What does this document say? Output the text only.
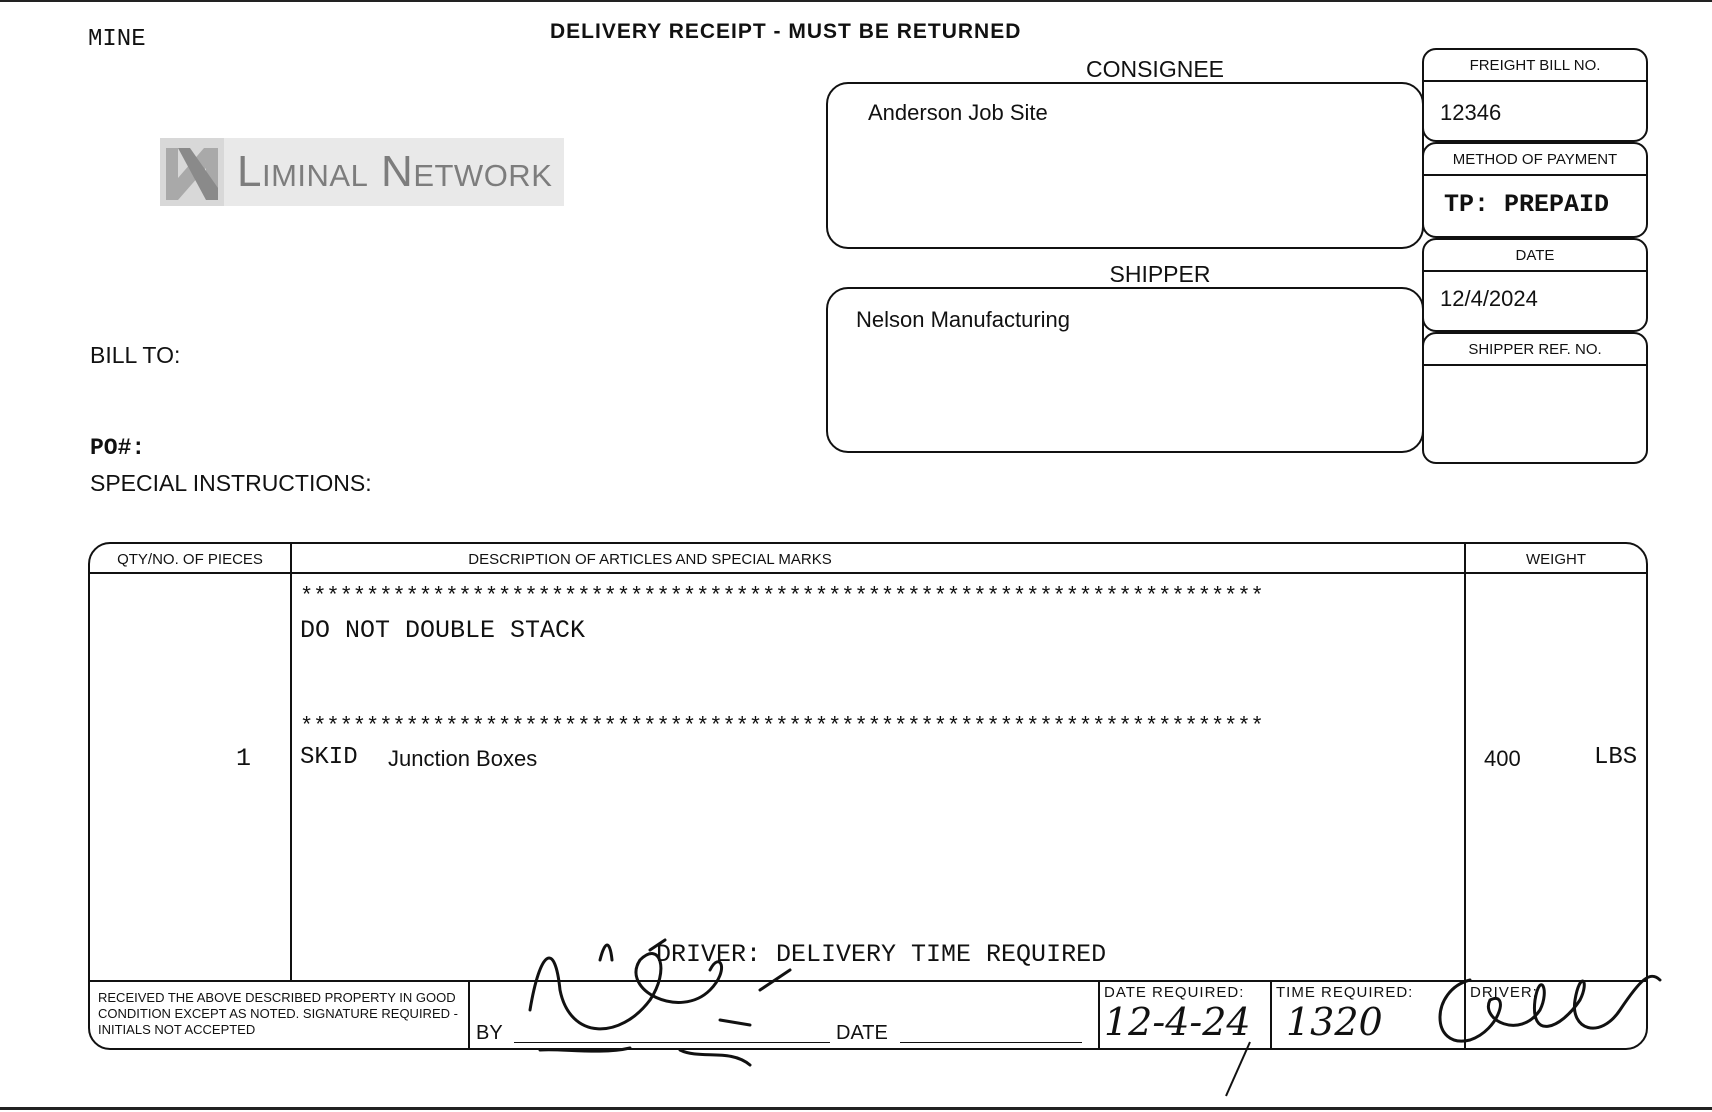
MINE	DELIVERY RECEIPT - MUST BE RETURNED
Liminal Network
BILL TO:
PO#:
SPECIAL INSTRUCTIONS:
CONSIGNEE
Anderson Job Site
SHIPPER
Nelson Manufacturing
FREIGHT BILL NO.
12346
METHOD OF PAYMENT
TP: PREPAID
DATE
12/4/2024
SHIPPER REF. NO.
QTY/NO. OF PIECES	DESCRIPTION OF ARTICLES AND SPECIAL MARKS	WEIGHT
*************************************************************************
DO NOT DOUBLE STACK
*************************************************************************
1 SKID Junction Boxes	400	LBS
DRIVER: DELIVERY TIME REQUIRED
RECEIVED THE ABOVE DESCRIBED PROPERTY IN GOOD CONDITION EXCEPT AS NOTED. SIGNATURE REQUIRED - INITIALS NOT ACCEPTED	BY	DATE
DATE REQUIRED: TIME REQUIRED:	DRIVER:
12-4-24 1320
